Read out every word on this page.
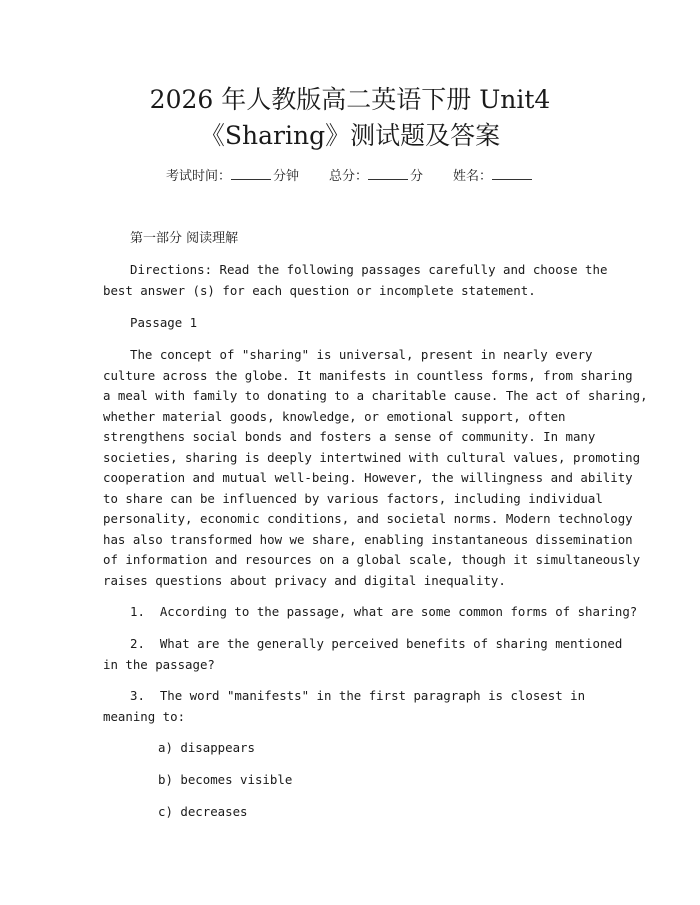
2026 年人教版高二英语下册 Unit4
《Sharing》测试题及答案
考试时间：	分钟 总分：	分 姓名：
第一部分 阅读理解
Directions: Read the following passages carefully and choose the
best answer (s) for each question or incomplete statement.
Passage 1
The concept of "sharing" is universal, present in nearly every
culture across the globe. It manifests in countless forms, from sharing
a meal with family to donating to a charitable cause. The act of sharing,
whether material goods, knowledge, or emotional support, often
strengthens social bonds and fosters a sense of community. In many
societies, sharing is deeply intertwined with cultural values, promoting
cooperation and mutual well-being. However, the willingness and ability
to share can be influenced by various factors, including individual
personality, economic conditions, and societal norms. Modern technology
has also transformed how we share, enabling instantaneous dissemination
of information and resources on a global scale, though it simultaneously
raises questions about privacy and digital inequality.
1.  According to the passage, what are some common forms of sharing?
2.  What are the generally perceived benefits of sharing mentioned
in the passage?
3.  The word "manifests" in the first paragraph is closest in
meaning to:
a) disappears
b) becomes visible
c) decreases
